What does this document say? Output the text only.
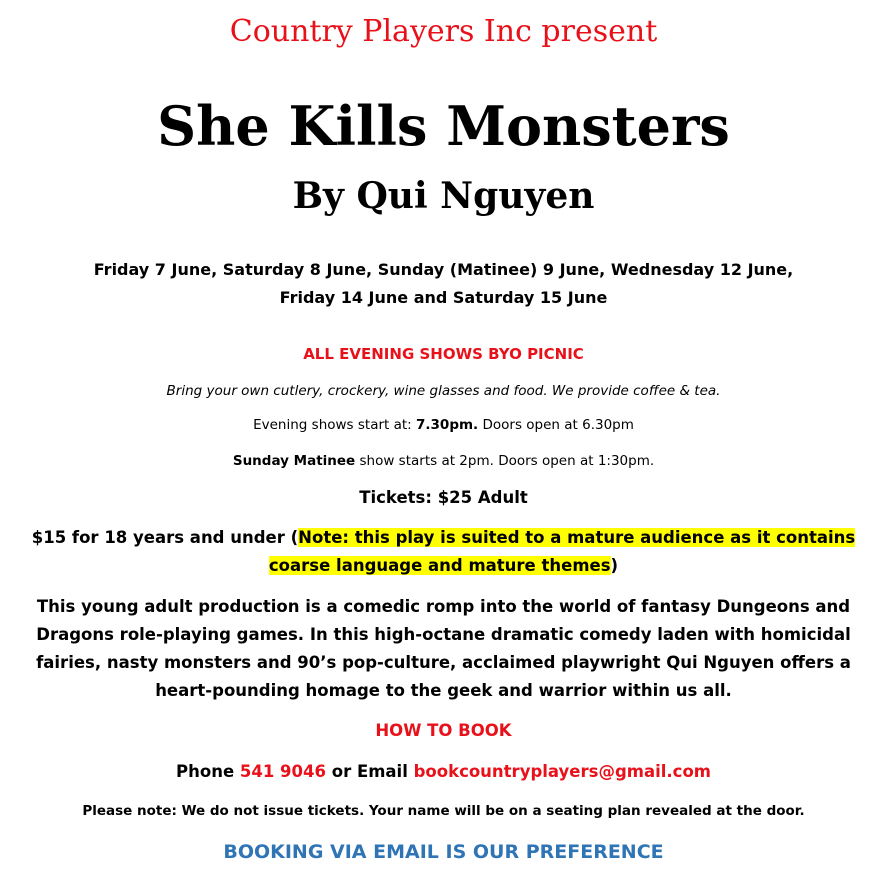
Country Players Inc present
She Kills Monsters
By Qui Nguyen
Friday 7 June, Saturday 8 June, Sunday (Matinee) 9 June, Wednesday 12 June,
Friday 14 June and Saturday 15 June
ALL EVENING SHOWS BYO PICNIC
Bring your own cutlery, crockery, wine glasses and food. We provide coffee & tea.
Evening shows start at: 7.30pm. Doors open at 6.30pm
Sunday Matinee show starts at 2pm. Doors open at 1:30pm.
Tickets: $25 Adult
$15 for 18 years and under (Note: this play is suited to a mature audience as it contains
coarse language and mature themes)
This young adult production is a comedic romp into the world of fantasy Dungeons and
Dragons role-playing games. In this high-octane dramatic comedy laden with homicidal
fairies, nasty monsters and 90’s pop-culture, acclaimed playwright Qui Nguyen offers a
heart-pounding homage to the geek and warrior within us all.
HOW TO BOOK
Phone 541 9046 or Email bookcountryplayers@gmail.com
Please note: We do not issue tickets. Your name will be on a seating plan revealed at the door.
BOOKING VIA EMAIL IS OUR PREFERENCE
